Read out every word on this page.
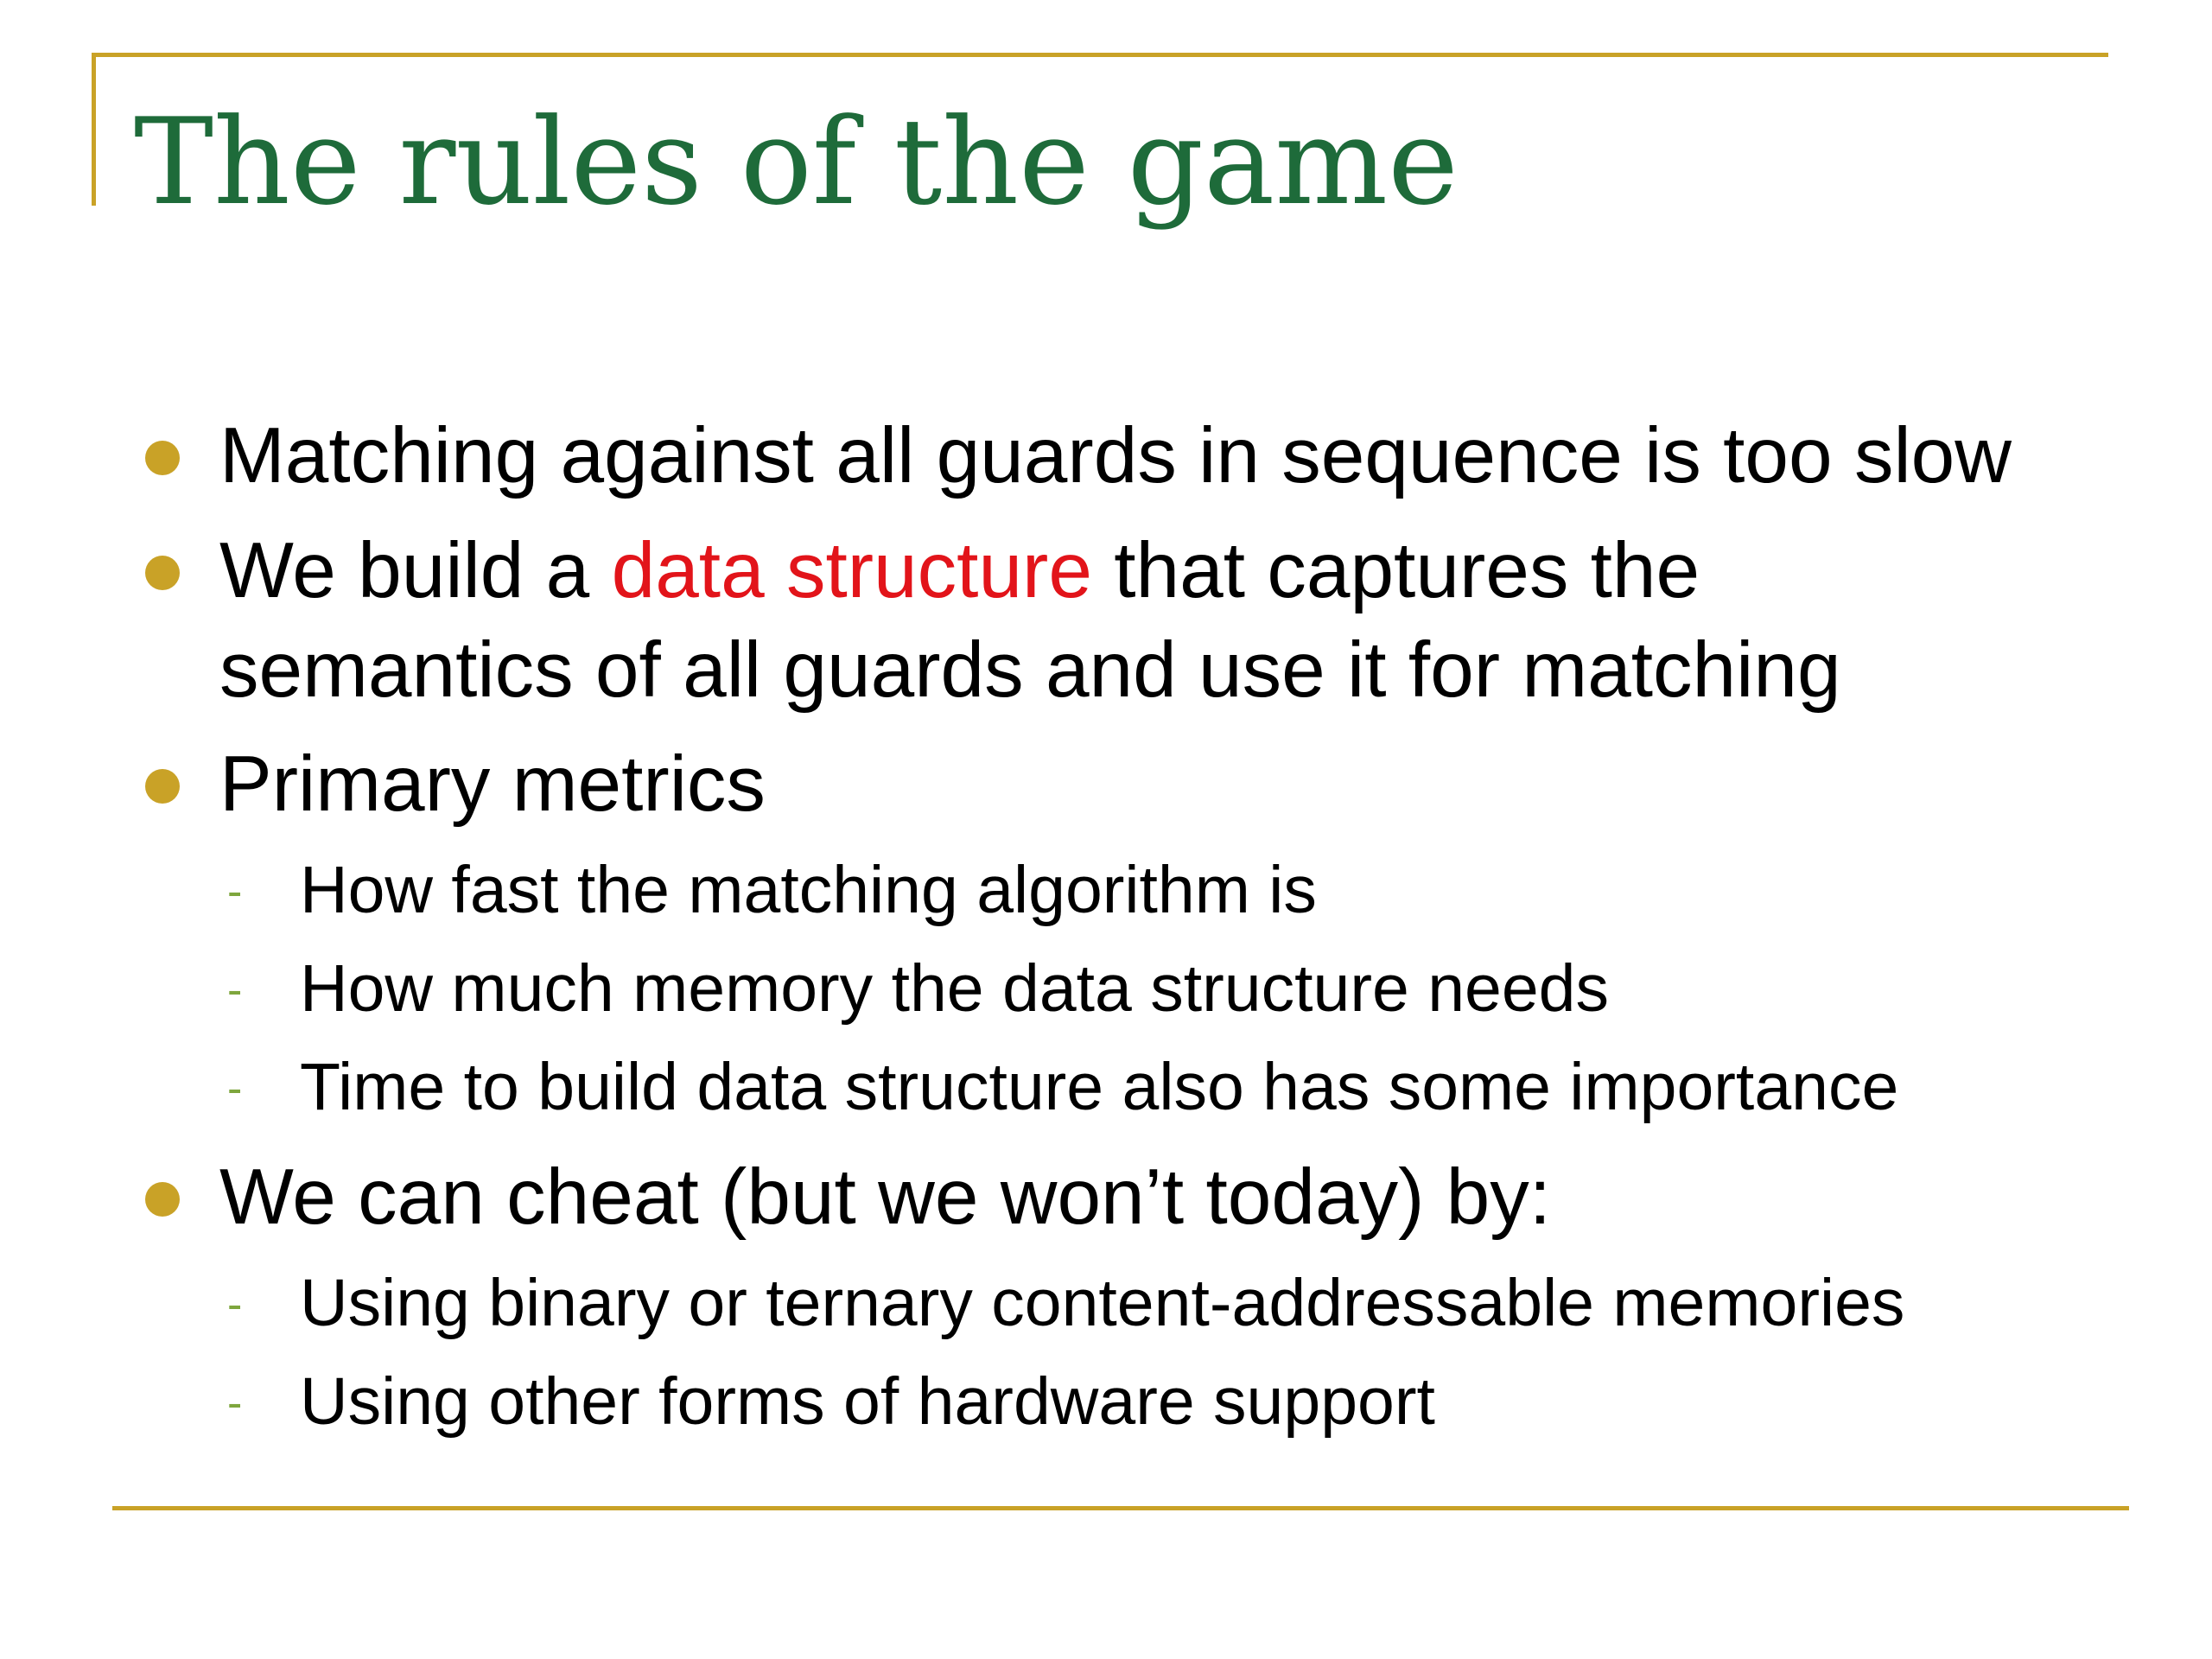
The rules of the game
Matching against all guards in sequence is too slow
We build a data structure that captures the
semantics of all guards and use it for matching
Primary metrics
- How fast the matching algorithm is
- How much memory the data structure needs
- Time to build data structure also has some importance
We can cheat (but we won’t today) by:
- Using binary or ternary content-addressable memories
- Using other forms of hardware support
